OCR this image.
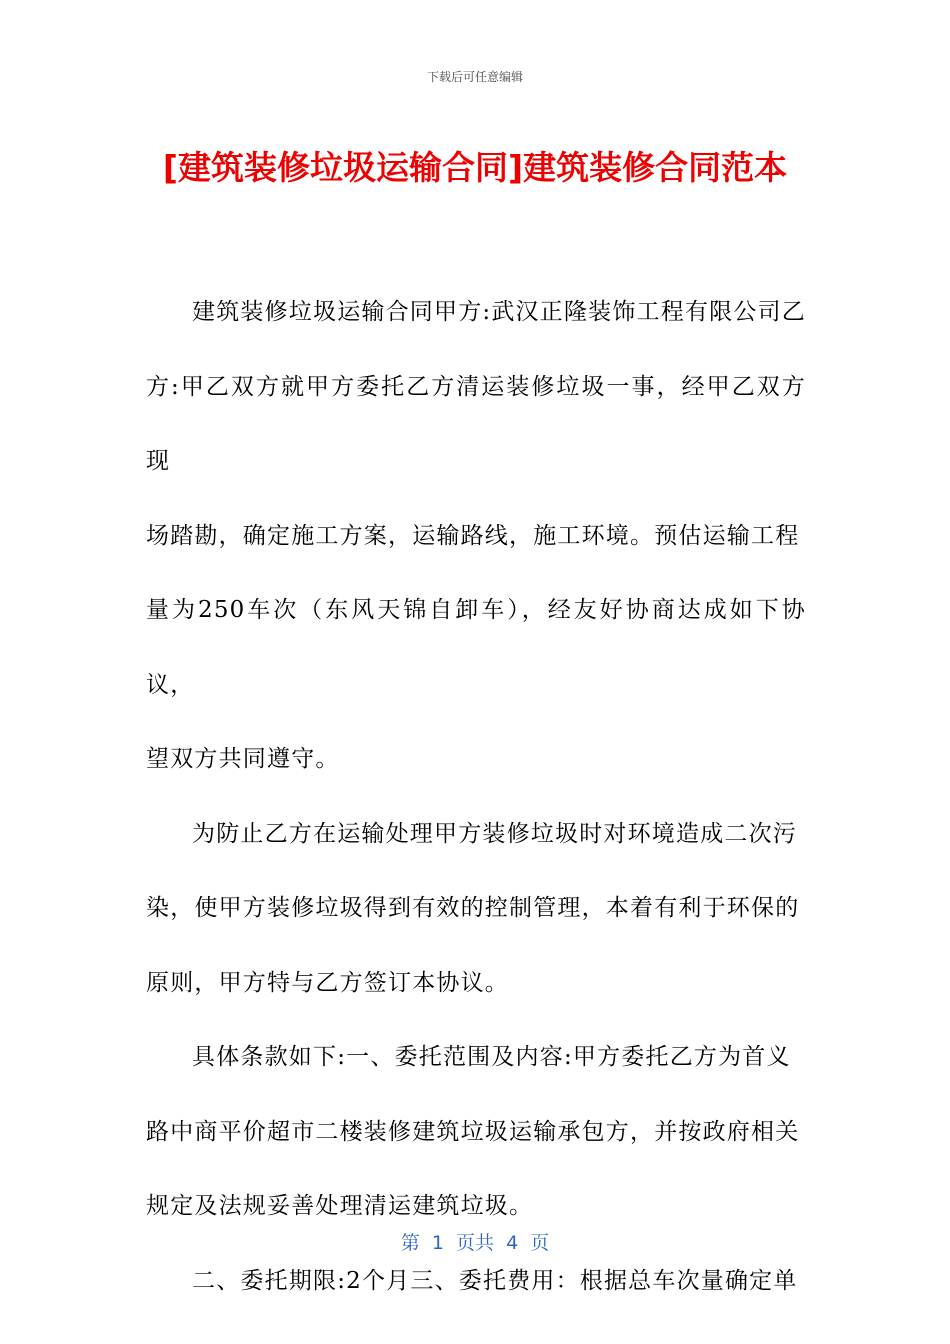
下载后可任意编辑
[建筑装修垃圾运输合同]建筑装修合同范本

建筑装修垃圾运输合同甲方:武汉正隆装饰工程有限公司乙
方:甲乙双方就甲方委托乙方清运装修垃圾一事，经甲乙双方现
场踏勘，确定施工方案，运输路线，施工环境。预估运输工程
量为250车次（东风天锦自卸车），经友好协商达成如下协议，
望双方共同遵守。

为防止乙方在运输处理甲方装修垃圾时对环境造成二次污
染，使甲方装修垃圾得到有效的控制管理，本着有利于环保的
原则，甲方特与乙方签订本协议。

具体条款如下:一、委托范围及内容:甲方委托乙方为首义
路中商平价超市二楼装修建筑垃圾运输承包方，并按政府相关
规定及法规妥善处理清运建筑垃圾。

二、委托期限:2个月三、委托费用：根据总车次量确定单

第  1  页共  4  页
